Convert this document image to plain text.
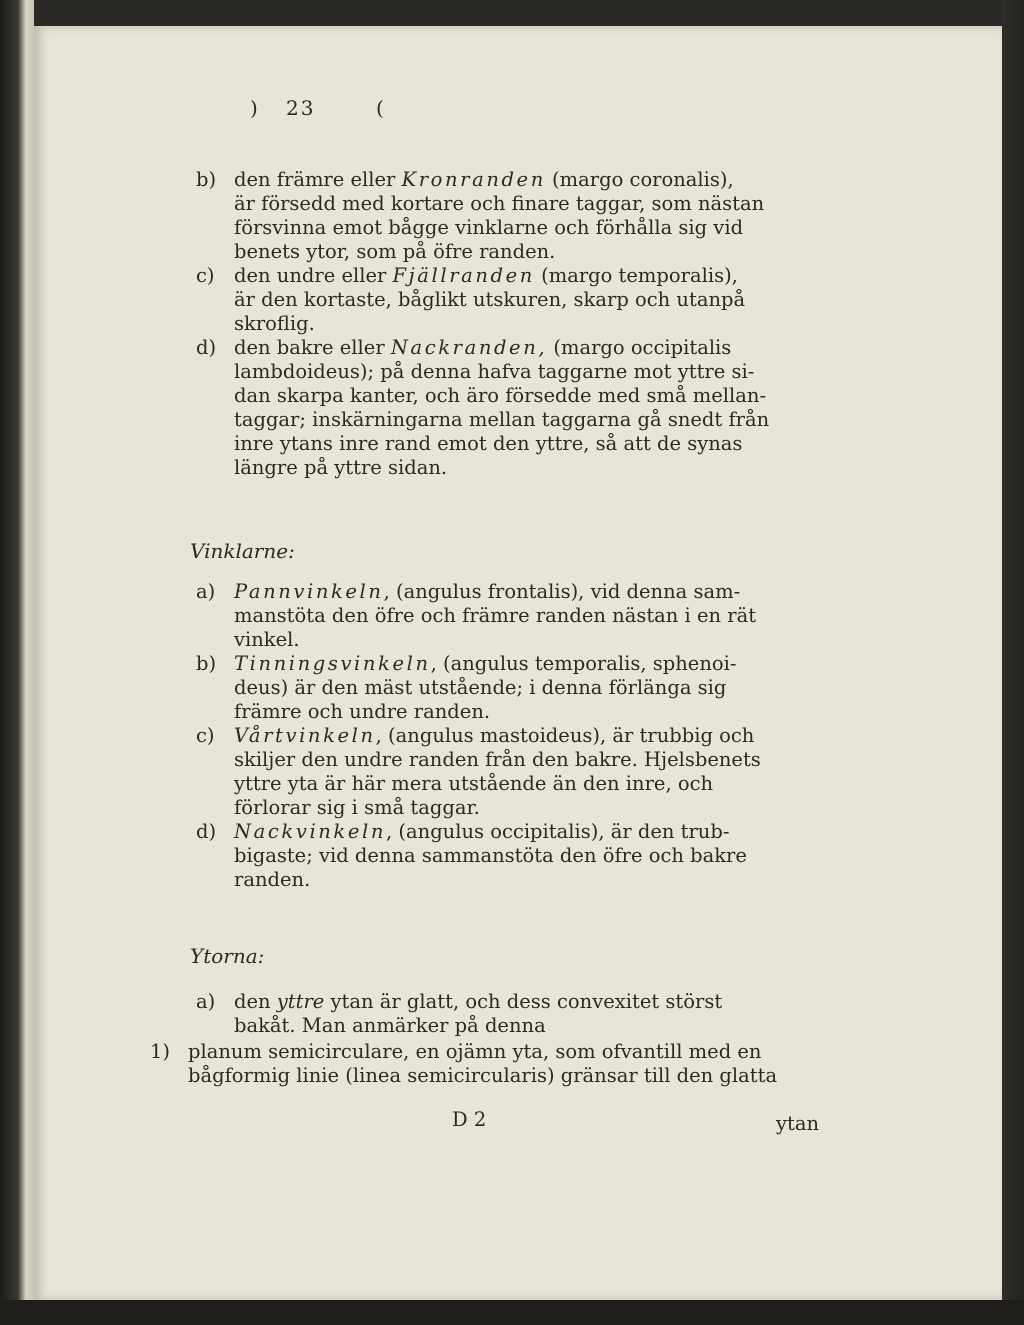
) 23	(
b) den främre eller Kronranden (margo coronalis),
är försedd med kortare och finare taggar, som nästan
försvinna emot bågge vinklarne och förhålla sig vid
benets ytor, som på öfre randen.
c) den undre eller Fjällranden (margo temporalis),
är den kortaste, båglikt utskuren, skarp och utanpå
skroflig.
d) den bakre eller Nackranden, (margo occipitalis
lambdoideus); på denna hafva taggarne mot yttre si-
dan skarpa kanter, och äro försedde med små mellan-
taggar; inskärningarna mellan taggarna gå snedt från
inre ytans inre rand emot den yttre, så att de synas
längre på yttre sidan.
Vinklarne:
a) Pannvinkeln, (angulus frontalis), vid denna sam-
manstöta den öfre och främre randen nästan i en rät
vinkel.
b) Tinningsvinkeln, (angulus temporalis, sphenoi-
deus) är den mäst utstående; i denna förlänga sig
främre och undre randen.
c) Vårtvinkeln, (angulus mastoideus), är trubbig och
skiljer den undre randen från den bakre. Hjelsbenets
yttre yta är här mera utstående än den inre, och
förlorar sig i små taggar.
d) Nackvinkeln, (angulus occipitalis), är den trub-
bigaste; vid denna sammanstöta den öfre och bakre
randen.
Ytorna:
a) den yttre ytan är glatt, och dess convexitet störst
bakåt. Man anmärker på denna
1) planum semicirculare, en ojämn yta, som ofvantill med en
bågformig linie (linea semicircularis) gränsar till den glatta
D 2	ytan
